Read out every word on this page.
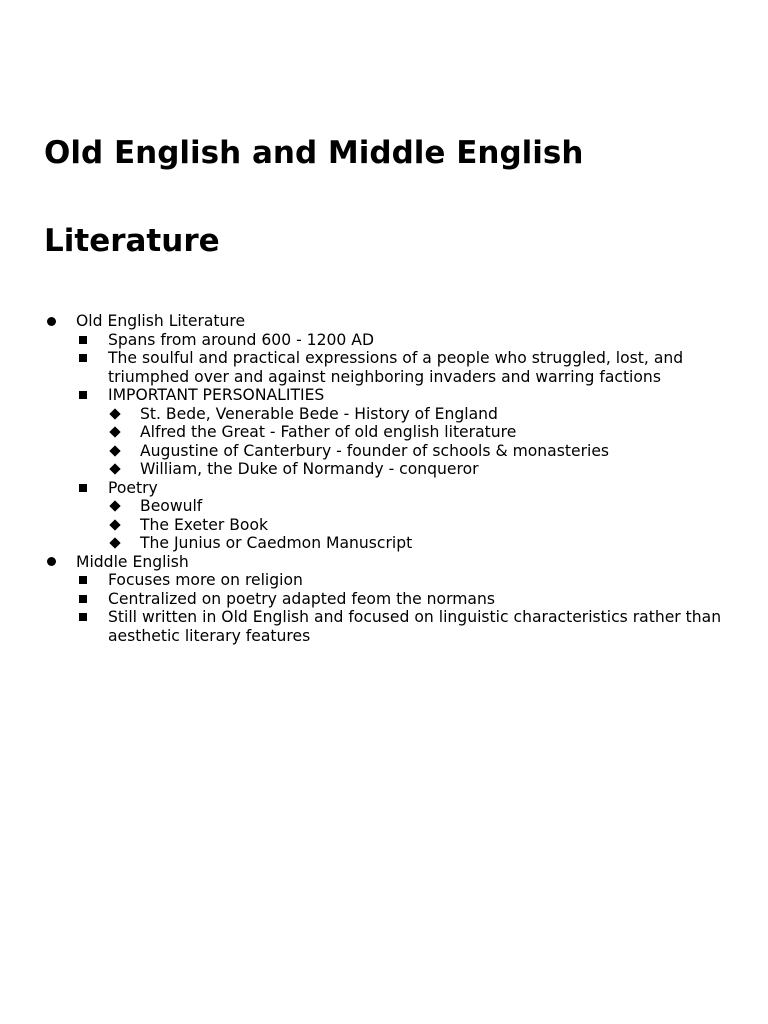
Old English and Middle English Literature
Old English Literature
Spans from around 600 - 1200 AD
The soulful and practical expressions of a people who struggled, lost, and triumphed over and against neighboring invaders and warring factions
IMPORTANT PERSONALITIES
St. Bede, Venerable Bede - History of England
Alfred the Great - Father of old english literature
Augustine of Canterbury - founder of schools & monasteries
William, the Duke of Normandy - conqueror
Poetry
Beowulf
The Exeter Book
The Junius or Caedmon Manuscript
Middle English
Focuses more on religion
Centralized on poetry adapted feom the normans
Still written in Old English and focused on linguistic characteristics rather than aesthetic literary features
